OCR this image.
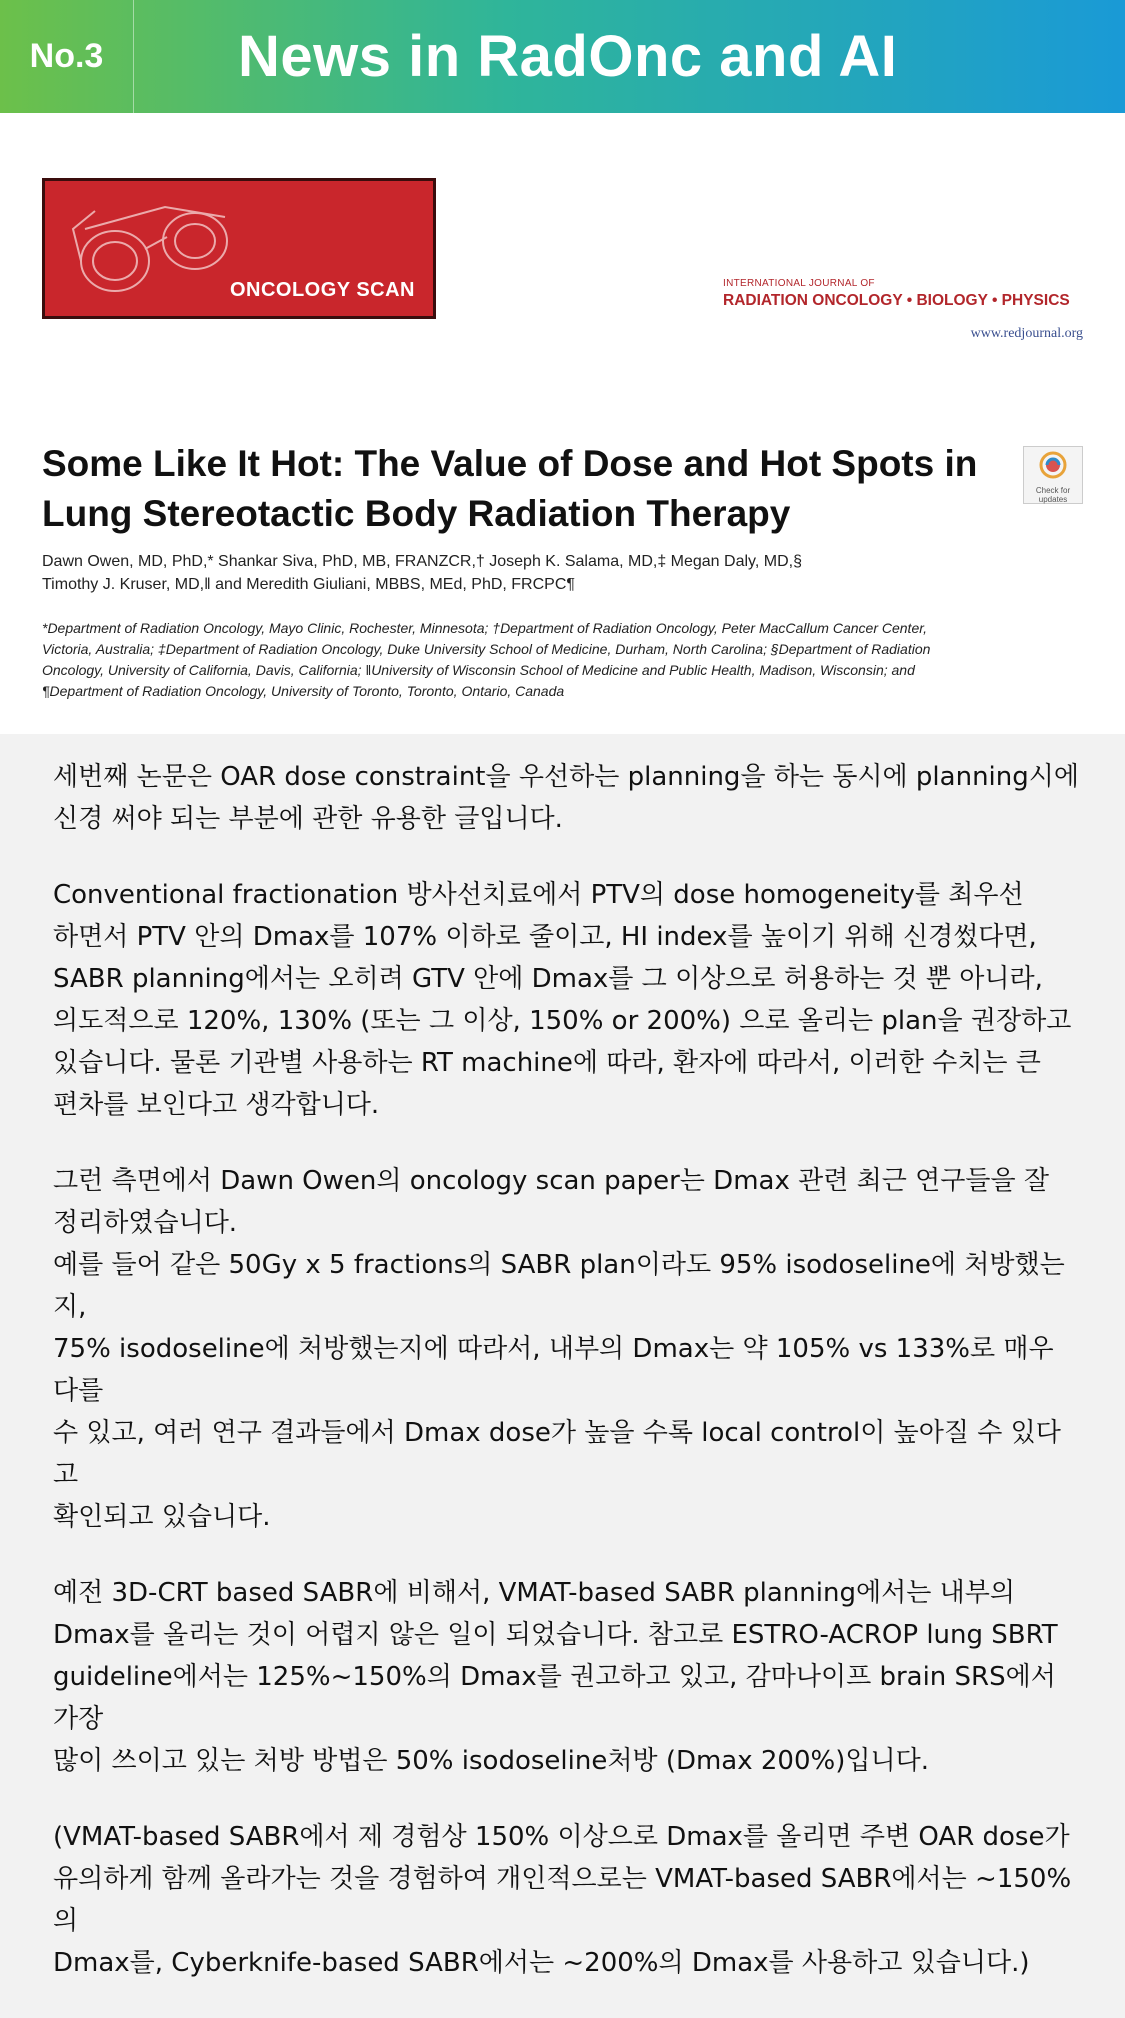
No.3	News in RadOnc and AI
ONCOLOGY SCAN	INTERNATIONAL JOURNAL OF
RADIATION ONCOLOGY • BIOLOGY • PHYSICS
www.redjournal.org
Some Like It Hot: The Value of Dose and Hot Spots in
Lung Stereotactic Body Radiation Therapy
Check for updates
Dawn Owen, MD, PhD,* Shankar Siva, PhD, MB, FRANZCR,† Joseph K. Salama, MD,‡ Megan Daly, MD,§
Timothy J. Kruser, MD,‖ and Meredith Giuliani, MBBS, MEd, PhD, FRCPC¶
*Department of Radiation Oncology, Mayo Clinic, Rochester, Minnesota; †Department of Radiation Oncology, Peter MacCallum Cancer Center, Victoria, Australia; ‡Department of Radiation Oncology, Duke University School of Medicine, Durham, North Carolina; §Department of Radiation Oncology, University of California, Davis, California; ‖University of Wisconsin School of Medicine and Public Health, Madison, Wisconsin; and ¶Department of Radiation Oncology, University of Toronto, Toronto, Ontario, Canada

세번째 논문은 OAR dose constraint을 우선하는 planning을 하는 동시에 planning시에
신경 써야 되는 부분에 관한 유용한 글입니다.

Conventional fractionation 방사선치료에서 PTV의 dose homogeneity를 최우선
하면서 PTV 안의 Dmax를 107% 이하로 줄이고, HI index를 높이기 위해 신경썼다면,
SABR planning에서는 오히려 GTV 안에 Dmax를 그 이상으로 허용하는 것 뿐 아니라,
의도적으로 120%, 130% (또는 그 이상, 150% or 200%) 으로 올리는 plan을 권장하고
있습니다. 물론 기관별 사용하는 RT machine에 따라, 환자에 따라서, 이러한 수치는 큰
편차를 보인다고 생각합니다.

그런 측면에서 Dawn Owen의 oncology scan paper는 Dmax 관련 최근 연구들을 잘
정리하였습니다.
예를 들어 같은 50Gy x 5 fractions의 SABR plan이라도 95% isodoseline에 처방했는지,
75% isodoseline에 처방했는지에 따라서, 내부의 Dmax는 약 105% vs 133%로 매우 다를
수 있고, 여러 연구 결과들에서 Dmax dose가 높을 수록 local control이 높아질 수 있다고
확인되고 있습니다.

예전 3D-CRT based SABR에 비해서, VMAT-based SABR planning에서는 내부의
Dmax를 올리는 것이 어렵지 않은 일이 되었습니다. 참고로 ESTRO-ACROP lung SBRT
guideline에서는 125%~150%의 Dmax를 권고하고 있고, 감마나이프 brain SRS에서 가장
많이 쓰이고 있는 처방 방법은 50% isodoseline처방 (Dmax 200%)입니다.

(VMAT-based SABR에서 제 경험상 150% 이상으로 Dmax를 올리면 주변 OAR dose가
유의하게 함께 올라가는 것을 경험하여 개인적으로는 VMAT-based SABR에서는 ~150%의
Dmax를, Cyberknife-based SABR에서는 ~200%의 Dmax를 사용하고 있습니다.)
